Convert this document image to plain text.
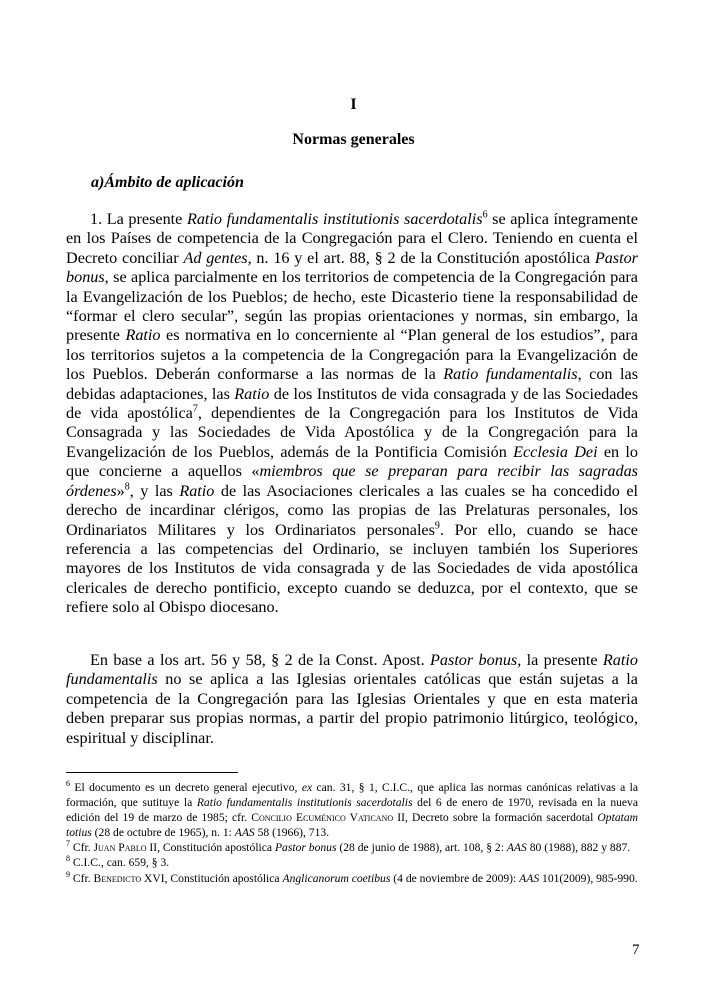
I
Normas generales
a)Ámbito de aplicación

1. La presente Ratio fundamentalis institutionis sacerdotalis$^6$ se aplica íntegramente en los Países de competencia de la Congregación para el Clero. Teniendo en cuenta el Decreto conciliar Ad gentes, n. 16 y el art. 88, § 2 de la Constitución apostólica Pastor bonus, se aplica parcialmente en los territorios de competencia de la Congregación para la Evangelización de los Pueblos; de hecho, este Dicasterio tiene la responsabilidad de “formar el clero secular”, según las propias orientaciones y normas, sin embargo, la presente Ratio es normativa en lo concerniente al “Plan general de los estudios”, para los territorios sujetos a la competencia de la Congregación para la Evangelización de los Pueblos. Deberán conformarse a las normas de la Ratio fundamentalis, con las debidas adaptaciones, las Ratio de los Institutos de vida consagrada y de las Sociedades de vida apostólica$^7$, dependientes de la Congregación para los Institutos de Vida Consagrada y las Sociedades de Vida Apostólica y de la Congregación para la Evangelización de los Pueblos, además de la Pontificia Comisión Ecclesia Dei en lo que concierne a aquellos «miembros que se preparan para recibir las sagradas órdenes»$^8$, y las Ratio de las Asociaciones clericales a las cuales se ha concedido el derecho de incardinar clérigos, como las propias de las Prelaturas personales, los Ordinariatos Militares y los Ordinariatos personales$^9$. Por ello, cuando se hace referencia a las competencias del Ordinario, se incluyen también los Superiores mayores de los Institutos de vida consagrada y de las Sociedades de vida apostólica clericales de derecho pontificio, excepto cuando se deduzca, por el contexto, que se refiere solo al Obispo diocesano.

En base a los art. 56 y 58, § 2 de la Const. Apost. Pastor bonus, la presente Ratio fundamentalis no se aplica a las Iglesias orientales católicas que están sujetas a la competencia de la Congregación para las Iglesias Orientales y que en esta materia deben preparar sus propias normas, a partir del propio patrimonio litúrgico, teológico, espiritual y disciplinar.

$^6$ El documento es un decreto general ejecutivo, ex can. 31, § 1, C.I.C., que aplica las normas canónicas relativas a la formación, que sutituye la Ratio fundamentalis institutionis sacerdotalis del 6 de enero de 1970, revisada en la nueva edición del 19 de marzo de 1985; cfr. Concilio Ecuménico Vaticano II, Decreto sobre la formación sacerdotal Optatam totius (28 de octubre de 1965), n. 1: AAS 58 (1966), 713.

$^7$ Cfr. Juan Pablo II, Constitución apostólica Pastor bonus (28 de junio de 1988), art. 108, § 2: AAS 80 (1988), 882 y 887.

$^8$ C.I.C., can. 659, § 3.

$^9$ Cfr. Benedicto XVI, Constitución apostólica Anglicanorum coetibus (4 de noviembre de 2009): AAS 101(2009), 985-990.

7
